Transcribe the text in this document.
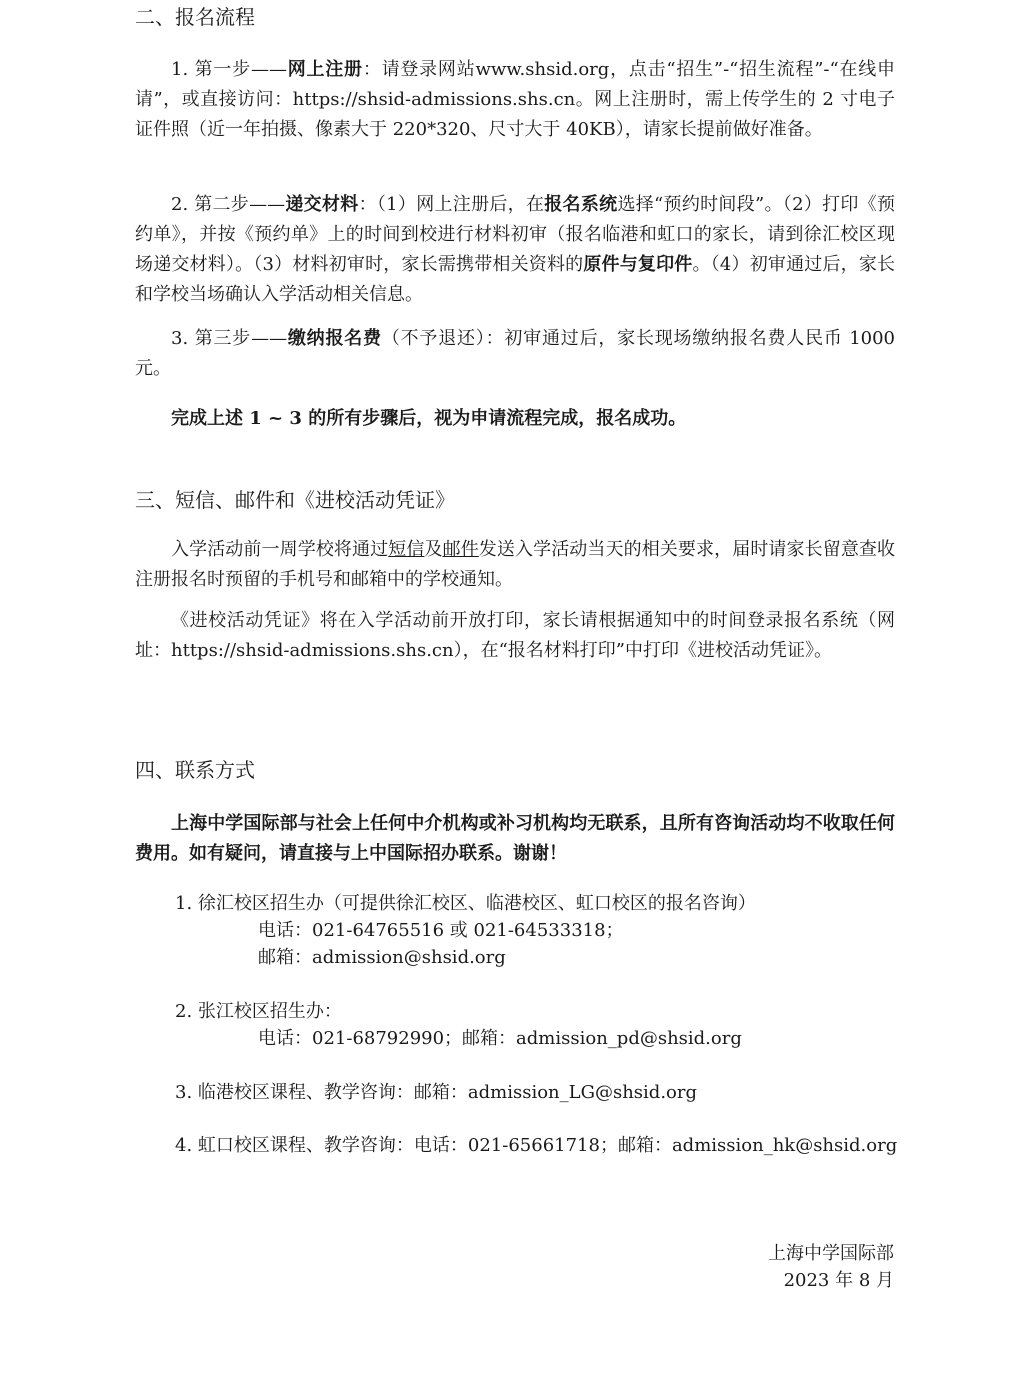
二、报名流程
1. 第一步——网上注册：请登录网站www.shsid.org，点击“招生”-“招生流程”-“在线申请”，或直接访问：https://shsid-admissions.shs.cn。网上注册时，需上传学生的 2 寸电子证件照（近一年拍摄、像素大于 220*320、尺寸大于 40KB），请家长提前做好准备。
2. 第二步——递交材料：（1）网上注册后，在报名系统选择“预约时间段”。（2）打印《预约单》，并按《预约单》上的时间到校进行材料初审（报名临港和虹口的家长，请到徐汇校区现场递交材料）。（3）材料初审时，家长需携带相关资料的原件与复印件。（4）初审通过后，家长和学校当场确认入学活动相关信息。
3. 第三步——缴纳报名费（不予退还）：初审通过后，家长现场缴纳报名费人民币 1000 元。
完成上述 1 ~ 3 的所有步骤后，视为申请流程完成，报名成功。
三、短信、邮件和《进校活动凭证》
入学活动前一周学校将通过短信及邮件发送入学活动当天的相关要求，届时请家长留意查收注册报名时预留的手机号和邮箱中的学校通知。
《进校活动凭证》将在入学活动前开放打印，家长请根据通知中的时间登录报名系统（网址：https://shsid-admissions.shs.cn），在“报名材料打印”中打印《进校活动凭证》。
四、联系方式
上海中学国际部与社会上任何中介机构或补习机构均无联系，且所有咨询活动均不收取任何费用。如有疑问，请直接与上中国际招办联系。谢谢！
1. 徐汇校区招生办（可提供徐汇校区、临港校区、虹口校区的报名咨询）
电话：021-64765516 或 021-64533318；
邮箱：admission@shsid.org
2. 张江校区招生办：
电话：021-68792990；邮箱：admission_pd@shsid.org
3. 临港校区课程、教学咨询：邮箱：admission_LG@shsid.org
4. 虹口校区课程、教学咨询：电话：021-65661718；邮箱：admission_hk@shsid.org
上海中学国际部
2023 年 8 月
